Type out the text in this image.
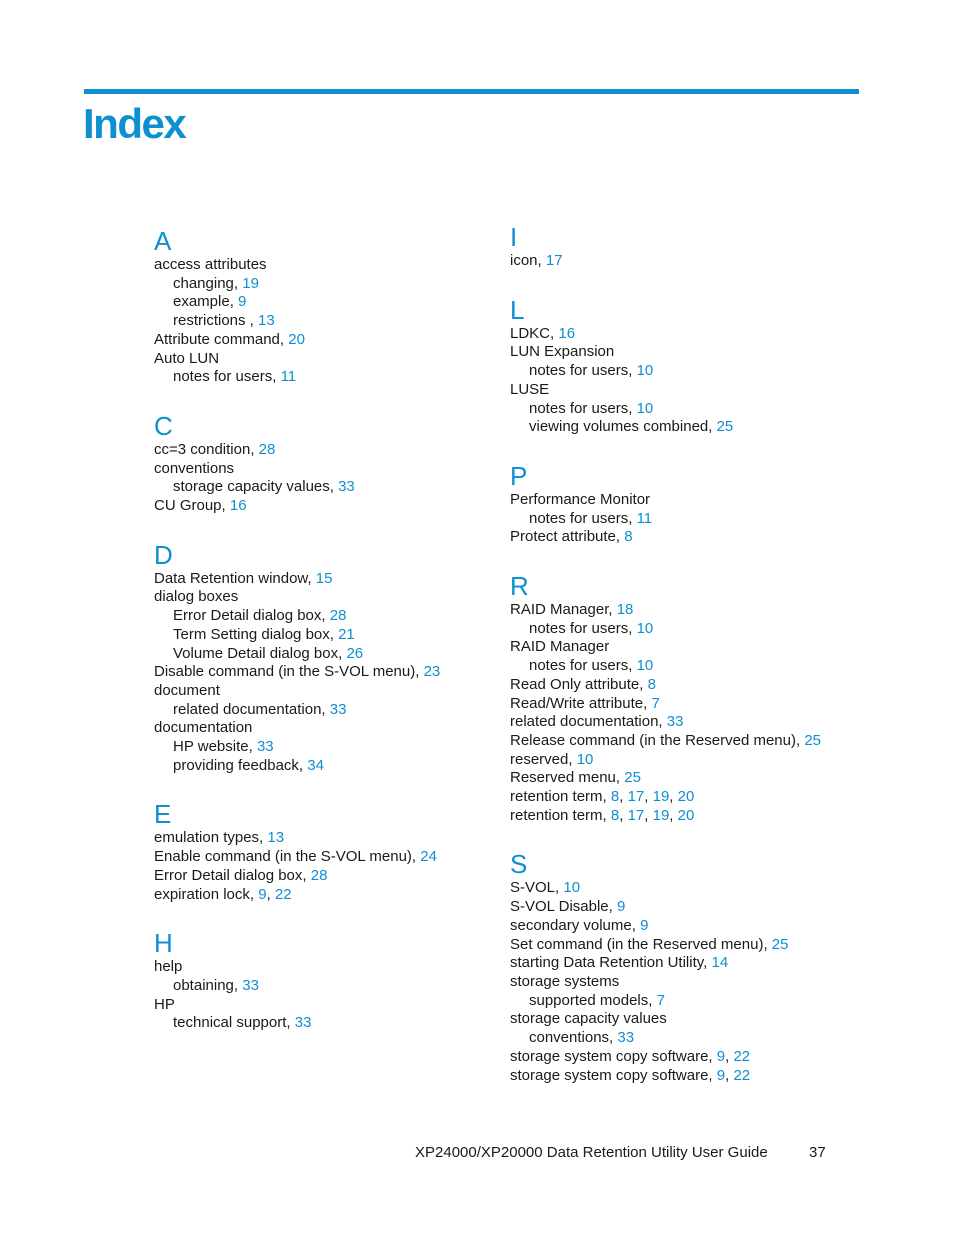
Index
A
access attributes
changing, 19
example, 9
restrictions , 13
Attribute command, 20
Auto LUN
notes for users, 11
C
cc=3 condition, 28
conventions
storage capacity values, 33
CU Group, 16
D
Data Retention window, 15
dialog boxes
Error Detail dialog box, 28
Term Setting dialog box, 21
Volume Detail dialog box, 26
Disable command (in the S-VOL menu), 23
document
related documentation, 33
documentation
HP website, 33
providing feedback, 34
E
emulation types, 13
Enable command (in the S-VOL menu), 24
Error Detail dialog box, 28
expiration lock, 9, 22
H
help
obtaining, 33
HP
technical support, 33
I
icon, 17
L
LDKC, 16
LUN Expansion
notes for users, 10
LUSE
notes for users, 10
viewing volumes combined, 25
P
Performance Monitor
notes for users, 11
Protect attribute, 8
R
RAID Manager, 18
notes for users, 10
RAID Manager
notes for users, 10
Read Only attribute, 8
Read/Write attribute, 7
related documentation, 33
Release command (in the Reserved menu), 25
reserved, 10
Reserved menu, 25
retention term, 8, 17, 19, 20
retention term, 8, 17, 19, 20
S
S-VOL, 10
S-VOL Disable, 9
secondary volume, 9
Set command (in the Reserved menu), 25
starting Data Retention Utility, 14
storage systems
supported models, 7
storage capacity values
conventions, 33
storage system copy software, 9, 22
storage system copy software, 9, 22
XP24000/XP20000 Data Retention Utility User Guide	37
